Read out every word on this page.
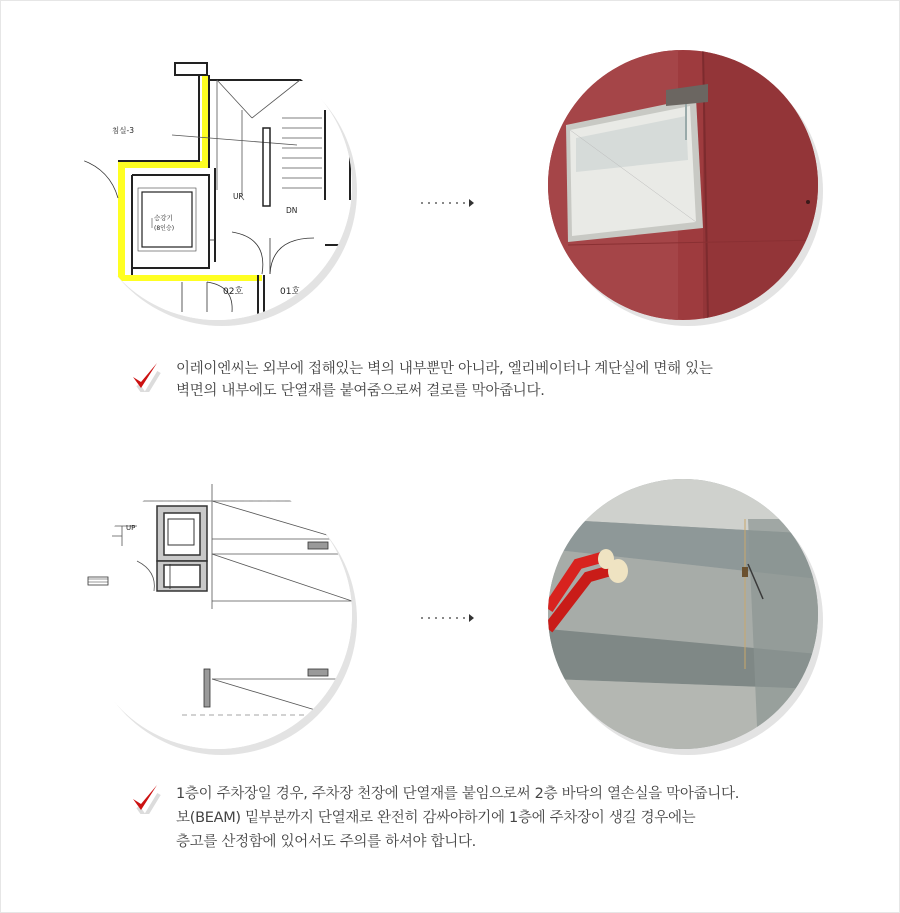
승강기
(8인승)
침실-3
UP
DN
02호	01호
UP
이레이엔씨는 외부에 접해있는 벽의 내부뿐만 아니라, 엘리베이터나 계단실에 면해 있는
벽면의 내부에도 단열재를 붙여줌으로써 결로를 막아줍니다.
1층이 주차장일 경우, 주차장 천장에 단열재를 붙임으로써 2층 바닥의 열손실을 막아줍니다.
보(BEAM) 밑부분까지 단열재로 완전히 감싸야하기에 1층에 주차장이 생길 경우에는
층고를 산정함에 있어서도 주의를 하셔야 합니다.
